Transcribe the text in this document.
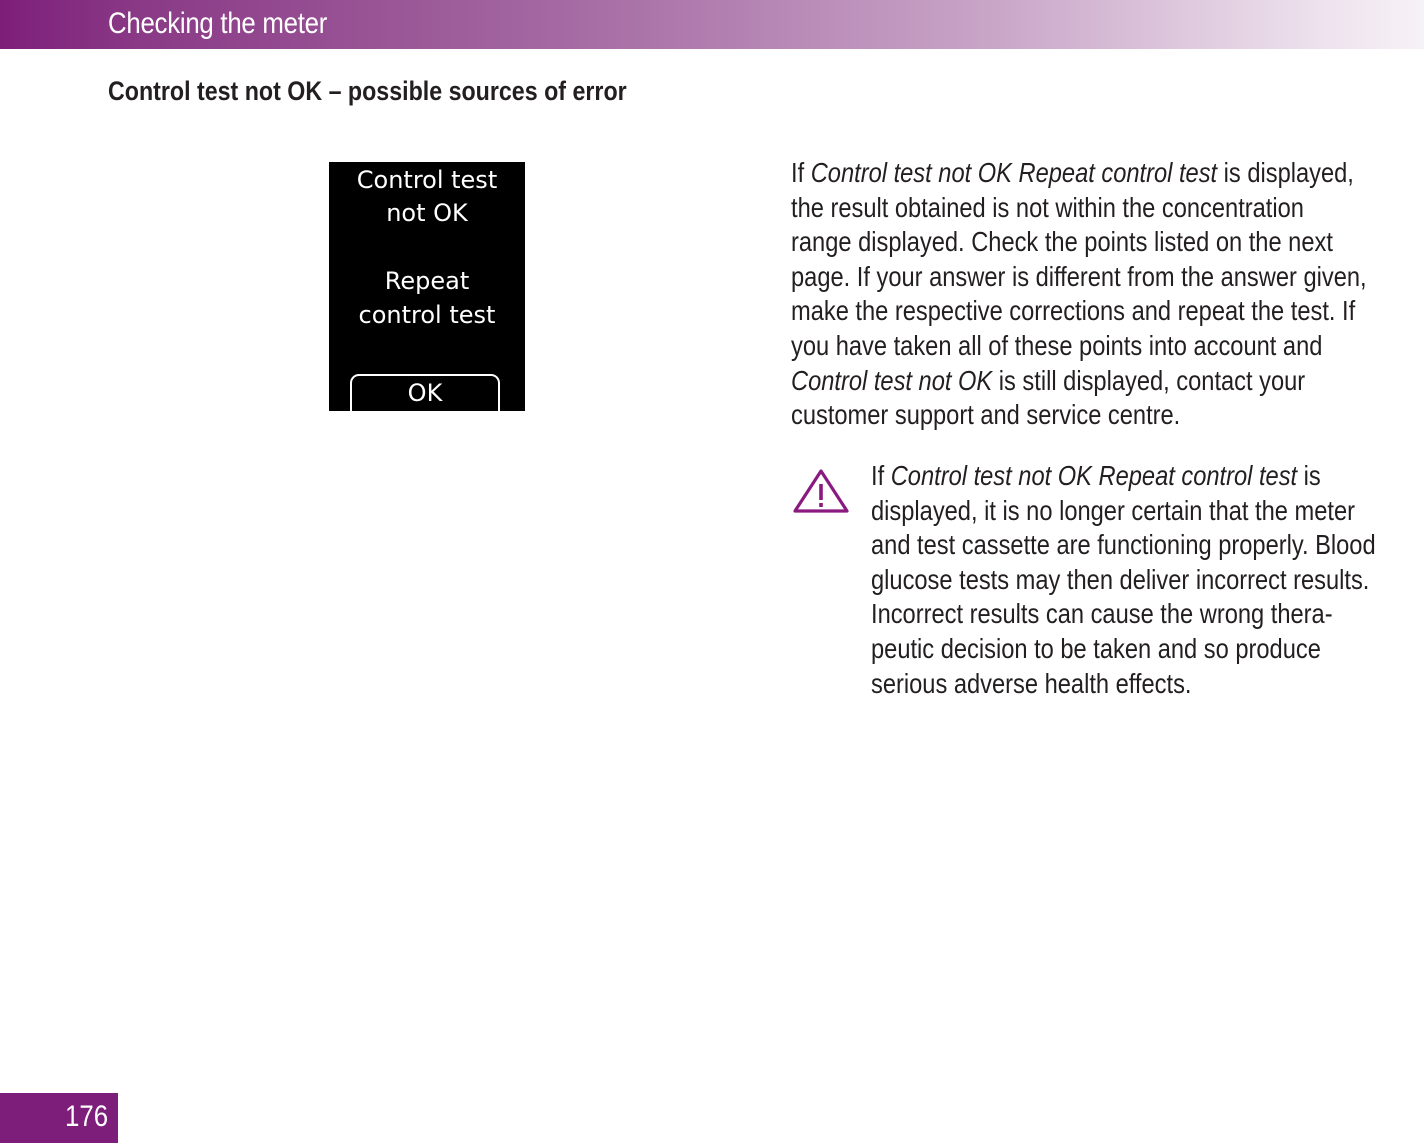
Checking the meter
Control test not OK – possible sources of error
Control test
not OK
Repeat
control test
OK
If Control test not OK Repeat control test is displayed,
the result obtained is not within the concentration
range displayed. Check the points listed on the next
page. If your answer is different from the answer given,
make the respective corrections and repeat the test. If
you have taken all of these points into account and
Control test not OK is still displayed, contact your
customer support and service centre.
If Control test not OK Repeat control test is
displayed, it is no longer certain that the meter
and test cassette are functioning properly. Blood
glucose tests may then deliver incorrect results.
Incorrect results can cause the wrong thera-
peutic decision to be taken and so produce
serious adverse health effects.
176
